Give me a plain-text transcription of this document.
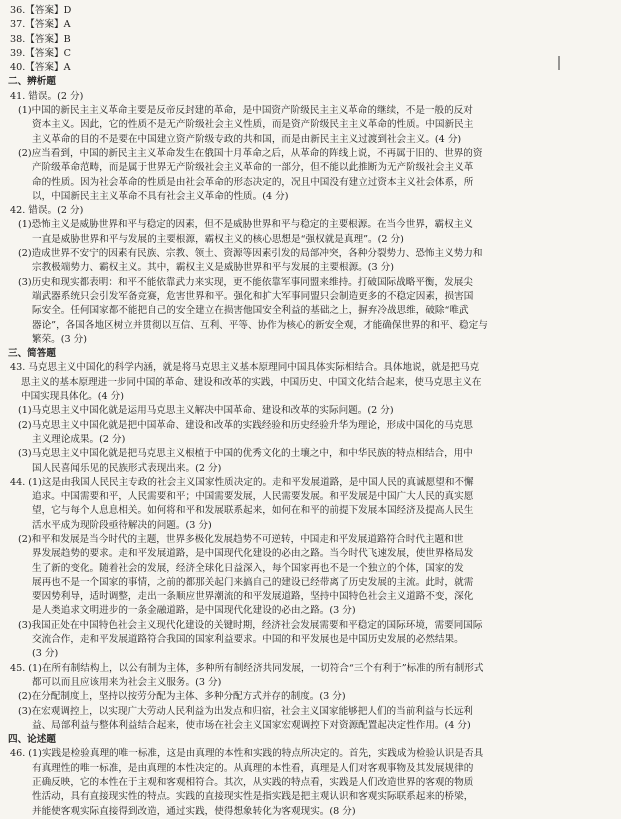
36.【答案】D
37.【答案】A
38.【答案】B
39.【答案】C
40.【答案】A
二、辨析题
41. 错误。(2 分)
(1)中国的新民主主义革命主要是反帝反封建的革命，是中国资产阶级民主主义革命的继续，不是一般的反对
资本主义。因此，它的性质不是无产阶级社会主义性质，而是资产阶级民主主义革命的性质。中国新民主
主义革命的目的不是要在中国建立资产阶级专政的共和国，而是由新民主主义过渡到社会主义。(4 分)
(2)应当看到，中国的新民主主义革命发生在俄国十月革命之后，从革命的阵线上说，不再属于旧的、世界的资
产阶级革命范畴，而是属于世界无产阶级社会主义革命的一部分，但不能以此推断为无产阶级社会主义革
命的性质。因为社会革命的性质是由社会革命的形态决定的，况且中国没有建立过资本主义社会体系，所
以，中国新民主主义革命不具有社会主义革命的性质。(4 分)
42. 错误。(2 分)
(1)恐怖主义是威胁世界和平与稳定的因素，但不是威胁世界和平与稳定的主要根源。在当今世界，霸权主义
一直是威胁世界和平与发展的主要根源，霸权主义的核心思想是“强权就是真理”。(2 分)
(2)造成世界不安宁的因素有民族、宗教、领土、资源等因素引发的局部冲突，各种分裂势力、恐怖主义势力和
宗教极端势力、霸权主义。其中，霸权主义是威胁世界和平与发展的主要根源。(3 分)
(3)历史和现实都表明：和平不能依靠武力来实现，更不能依靠军事同盟来维持。打破国际战略平衡，发展尖
端武器系统只会引发军备竞赛，危害世界和平。强化和扩大军事同盟只会制造更多的不稳定因素，损害国
际安全。任何国家都不能把自己的安全建立在损害他国安全利益的基础之上，摒弃冷战思维，破除“唯武
器论”，各国各地区树立并贯彻以互信、互利、平等、协作为核心的新安全观，才能确保世界的和平、稳定与
繁荣。(3 分)
三、简答题
43. 马克思主义中国化的科学内涵，就是将马克思主义基本原理同中国具体实际相结合。具体地说，就是把马克
思主义的基本原理进一步同中国的革命、建设和改革的实践，中国历史、中国文化结合起来，使马克思主义在
中国实现具体化。(4 分)
(1)马克思主义中国化就是运用马克思主义解决中国革命、建设和改革的实际问题。(2 分)
(2)马克思主义中国化就是把中国革命、建设和改革的实践经验和历史经验升华为理论，形成中国化的马克思
主义理论成果。(2 分)
(3)马克思主义中国化就是把马克思主义根植于中国的优秀文化的土壤之中，和中华民族的特点相结合，用中
国人民喜闻乐见的民族形式表现出来。(2 分)
44. (1)这是由我国人民民主专政的社会主义国家性质决定的。走和平发展道路，是中国人民的真诚愿望和不懈
追求。中国需要和平，人民需要和平；中国需要发展，人民需要发展。和平发展是中国广大人民的真实愿
望，它与每个人息息相关。如何将和平和发展联系起来，如何在和平的前提下发展本国经济及提高人民生
活水平成为现阶段亟待解决的问题。(3 分)
(2)和平和发展是当今时代的主题，世界多极化发展趋势不可逆转，中国走和平发展道路符合时代主题和世
界发展趋势的要求。走和平发展道路，是中国现代化建设的必由之路。当今时代飞速发展，使世界格局发
生了新的变化。随着社会的发展，经济全球化日益深入，每个国家再也不是一个独立的个体，国家的发
展再也不是一个国家的事情，之前的都那关起门来搞自己的建设已经带离了历史发展的主流。此时，就需
要因势利导，适时调整，走出一条顺应世界潮流的和平发展道路，坚持中国特色社会主义道路不变，深化
是人类追求文明进步的一条金融道路，是中国现代化建设的必由之路。(3 分)
(3)我国正处在中国特色社会主义现代化建设的关键时期，经济社会发展需要和平稳定的国际环境，需要同国际
交流合作，走和平发展道路符合我国的国家利益要求。中国的和平发展也是中国历史发展的必然结果。
(3 分)
45. (1)在所有制结构上，以公有制为主体，多种所有制经济共同发展，一切符合“三个有利于”标准的所有制形式
都可以而且应该用来为社会主义服务。(3 分)
(2)在分配制度上，坚持以按劳分配为主体、多种分配方式并存的制度。(3 分)
(3)在宏观调控上，以实现广大劳动人民利益为出发点和归宿，社会主义国家能够把人们的当前利益与长远利
益、局部利益与整体利益结合起来，使市场在社会主义国家宏观调控下对资源配置起决定性作用。(4 分)
四、论述题
46. (1)实践是检验真理的唯一标准，这是由真理的本性和实践的特点所决定的。首先，实践成为检验认识是否具
有真理性的唯一标准，是由真理的本性决定的。从真理的本性看，真理是人们对客观事物及其发展规律的
正确反映，它的本性在于主观和客观相符合。其次，从实践的特点看，实践是人们改造世界的客观的物质
性活动，具有直接现实性的特点。实践的直接现实性是指实践是把主观认识和客观实际联系起来的桥梁，
并能使客观实际直接得到改造，通过实践，使得想象转化为客观现实。(8 分)
